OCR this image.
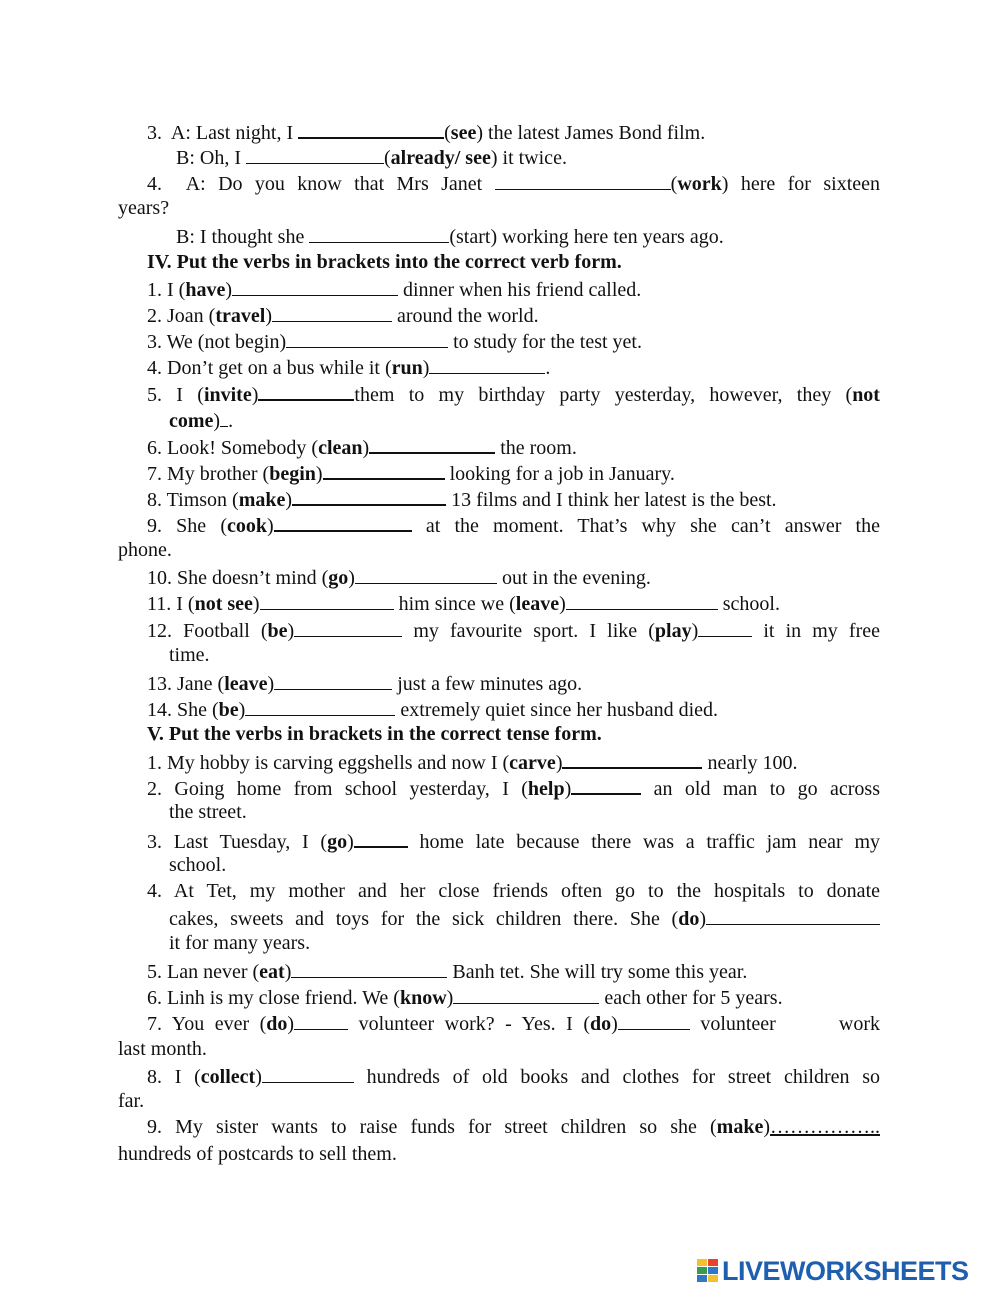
3. A: Last night, I	(see) the latest James Bond film.
B: Oh, I	(already/ see) it twice.
4. A: Do you know that Mrs Janet	(work) here for sixteen
years?
B: I thought she	(start) working here ten years ago.
IV. Put the verbs in brackets into the correct verb form.
1. I (have)	dinner when his friend called.
2. Joan (travel)	around the world.
3. We (not begin)	to study for the test yet.
4. Don’t get on a bus while it (run)	.
5. I (invite)	them to my birthday party yesterday, however, they (not
come) .
6. Look! Somebody (clean)	the room.
7. My brother (begin)	looking for a job in January.
8. Timson (make)	13 films and I think her latest is the best.
9. She (cook)	at the moment. That’s why she can’t answer the
phone.
10. She doesn’t mind (go)	out in the evening.
11. I (not see)	him since we (leave)	school.
12. Football (be)	my favourite sport. I like (play)	it in my free
time.
13. Jane (leave)	just a few minutes ago.
14. She (be)	extremely quiet since her husband died.
V. Put the verbs in brackets in the correct tense form.
1. My hobby is carving eggshells and now I (carve)	nearly 100.
2. Going home from school yesterday, I (help)	an old man to go across
the street.
3. Last Tuesday, I (go)	home late because there was a traffic jam near my
school.
4. At Tet, my mother and her close friends often go to the hospitals to donate
cakes, sweets and toys for the sick children there. She (do)
it for many years.
5. Lan never (eat)	Banh tet. She will try some this year.
6. Linh is my close friend. We (know)	each other for 5 years.
7. You ever (do)	volunteer work? - Yes. I (do)	volunteer      work
last month.
8. I (collect)	hundreds of old books and clothes for street children so
far.
9. My sister wants to raise funds for street children so she (make)……………..
hundreds of postcards to sell them.
LIVEWORKSHEETS
